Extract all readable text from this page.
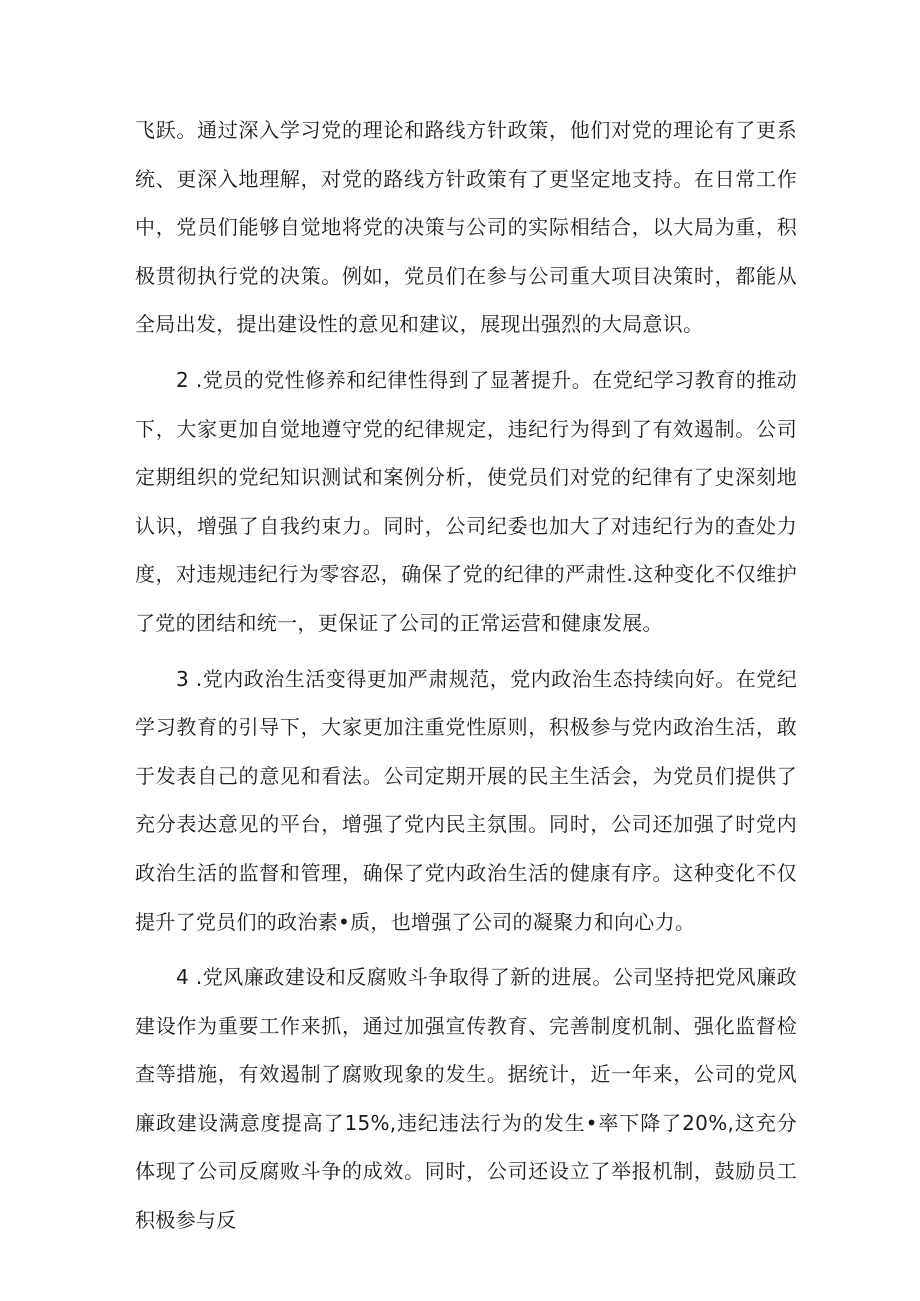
飞跃。通过深入学习党的理论和路线方针政策，他们对党的理论有了更系统、更深入地理解，对党的路线方针政策有了更坚定地支持。在日常工作中，党员们能够自觉地将党的决策与公司的实际相结合，以大局为重，积极贯彻执行党的决策。例如，党员们在参与公司重大项目决策时，都能从全局出发，提出建设性的意见和建议，展现出强烈的大局意识。

2 .党员的党性修养和纪律性得到了显著提升。在党纪学习教育的推动下，大家更加自觉地遵守党的纪律规定，违纪行为得到了有效遏制。公司定期组织的党纪知识测试和案例分析，使党员们对党的纪律有了史深刻地认识，增强了自我约束力。同时，公司纪委也加大了对违纪行为的查处力度，对违规违纪行为零容忍，确保了党的纪律的严肃性.这种变化不仅维护了党的团结和统一，更保证了公司的正常运营和健康发展。

3 .党内政治生活变得更加严肃规范，党内政治生态持续向好。在党纪学习教育的引导下，大家更加注重党性原则，积极参与党内政治生活，敢于发表自己的意见和看法。公司定期开展的民主生活会，为党员们提供了充分表达意见的平台，增强了党内民主氛围。同时，公司还加强了时党内政治生活的监督和管理，确保了党内政治生活的健康有序。这种变化不仅提升了党员们的政治素•质，也增强了公司的凝聚力和向心力。

4 .党风廉政建设和反腐败斗争取得了新的进展。公司坚持把党风廉政建设作为重要工作来抓，通过加强宣传教育、完善制度机制、强化监督检查等措施，有效遏制了腐败现象的发生。据统计，近一年来，公司的党风廉政建设满意度提高了15%,违纪违法行为的发生•率下降了20%,这充分体现了公司反腐败斗争的成效。同时，公司还设立了举报机制，鼓励员工积极参与反
